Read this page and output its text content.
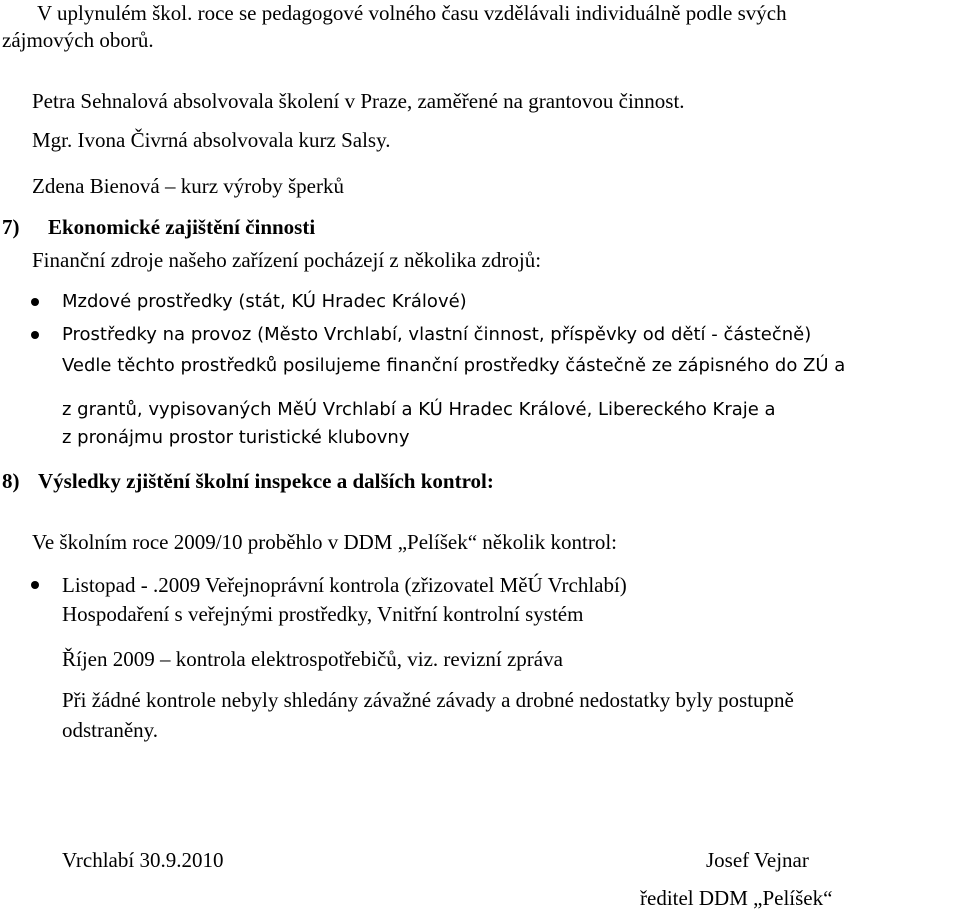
V uplynulém škol. roce se pedagogové volného času vzdělávali individuálně podle svých
zájmových oborů.
Petra Sehnalová absolvovala školení v Praze, zaměřené na grantovou činnost.
Mgr. Ivona Čivrná absolvovala kurz Salsy.
Zdena Bienová – kurz výroby šperků
7) Ekonomické zajištění činnosti
Finanční zdroje našeho zařízení pocházejí z několika zdrojů:
Mzdové prostředky (stát, KÚ Hradec Králové)
Prostředky na provoz (Město Vrchlabí, vlastní činnost, příspěvky od dětí - částečně)
Vedle těchto prostředků posilujeme finanční prostředky částečně ze zápisného do ZÚ a
z grantů, vypisovaných MěÚ Vrchlabí a KÚ Hradec Králové, Libereckého Kraje a
z pronájmu prostor turistické klubovny
8) Výsledky zjištění školní inspekce a dalších kontrol:
Ve školním roce 2009/10 proběhlo v DDM „Pelíšek“ několik kontrol:
Listopad - .2009 Veřejnoprávní kontrola (zřizovatel MěÚ Vrchlabí)
Hospodaření s veřejnými prostředky, Vnitřní kontrolní systém
Říjen 2009 – kontrola elektrospotřebičů, viz. revizní zpráva
Při žádné kontrole nebyly shledány závažné závady a drobné nedostatky byly postupně
odstraněny.
Vrchlabí 30.9.2010	Josef Vejnar
ředitel DDM „Pelíšek“
